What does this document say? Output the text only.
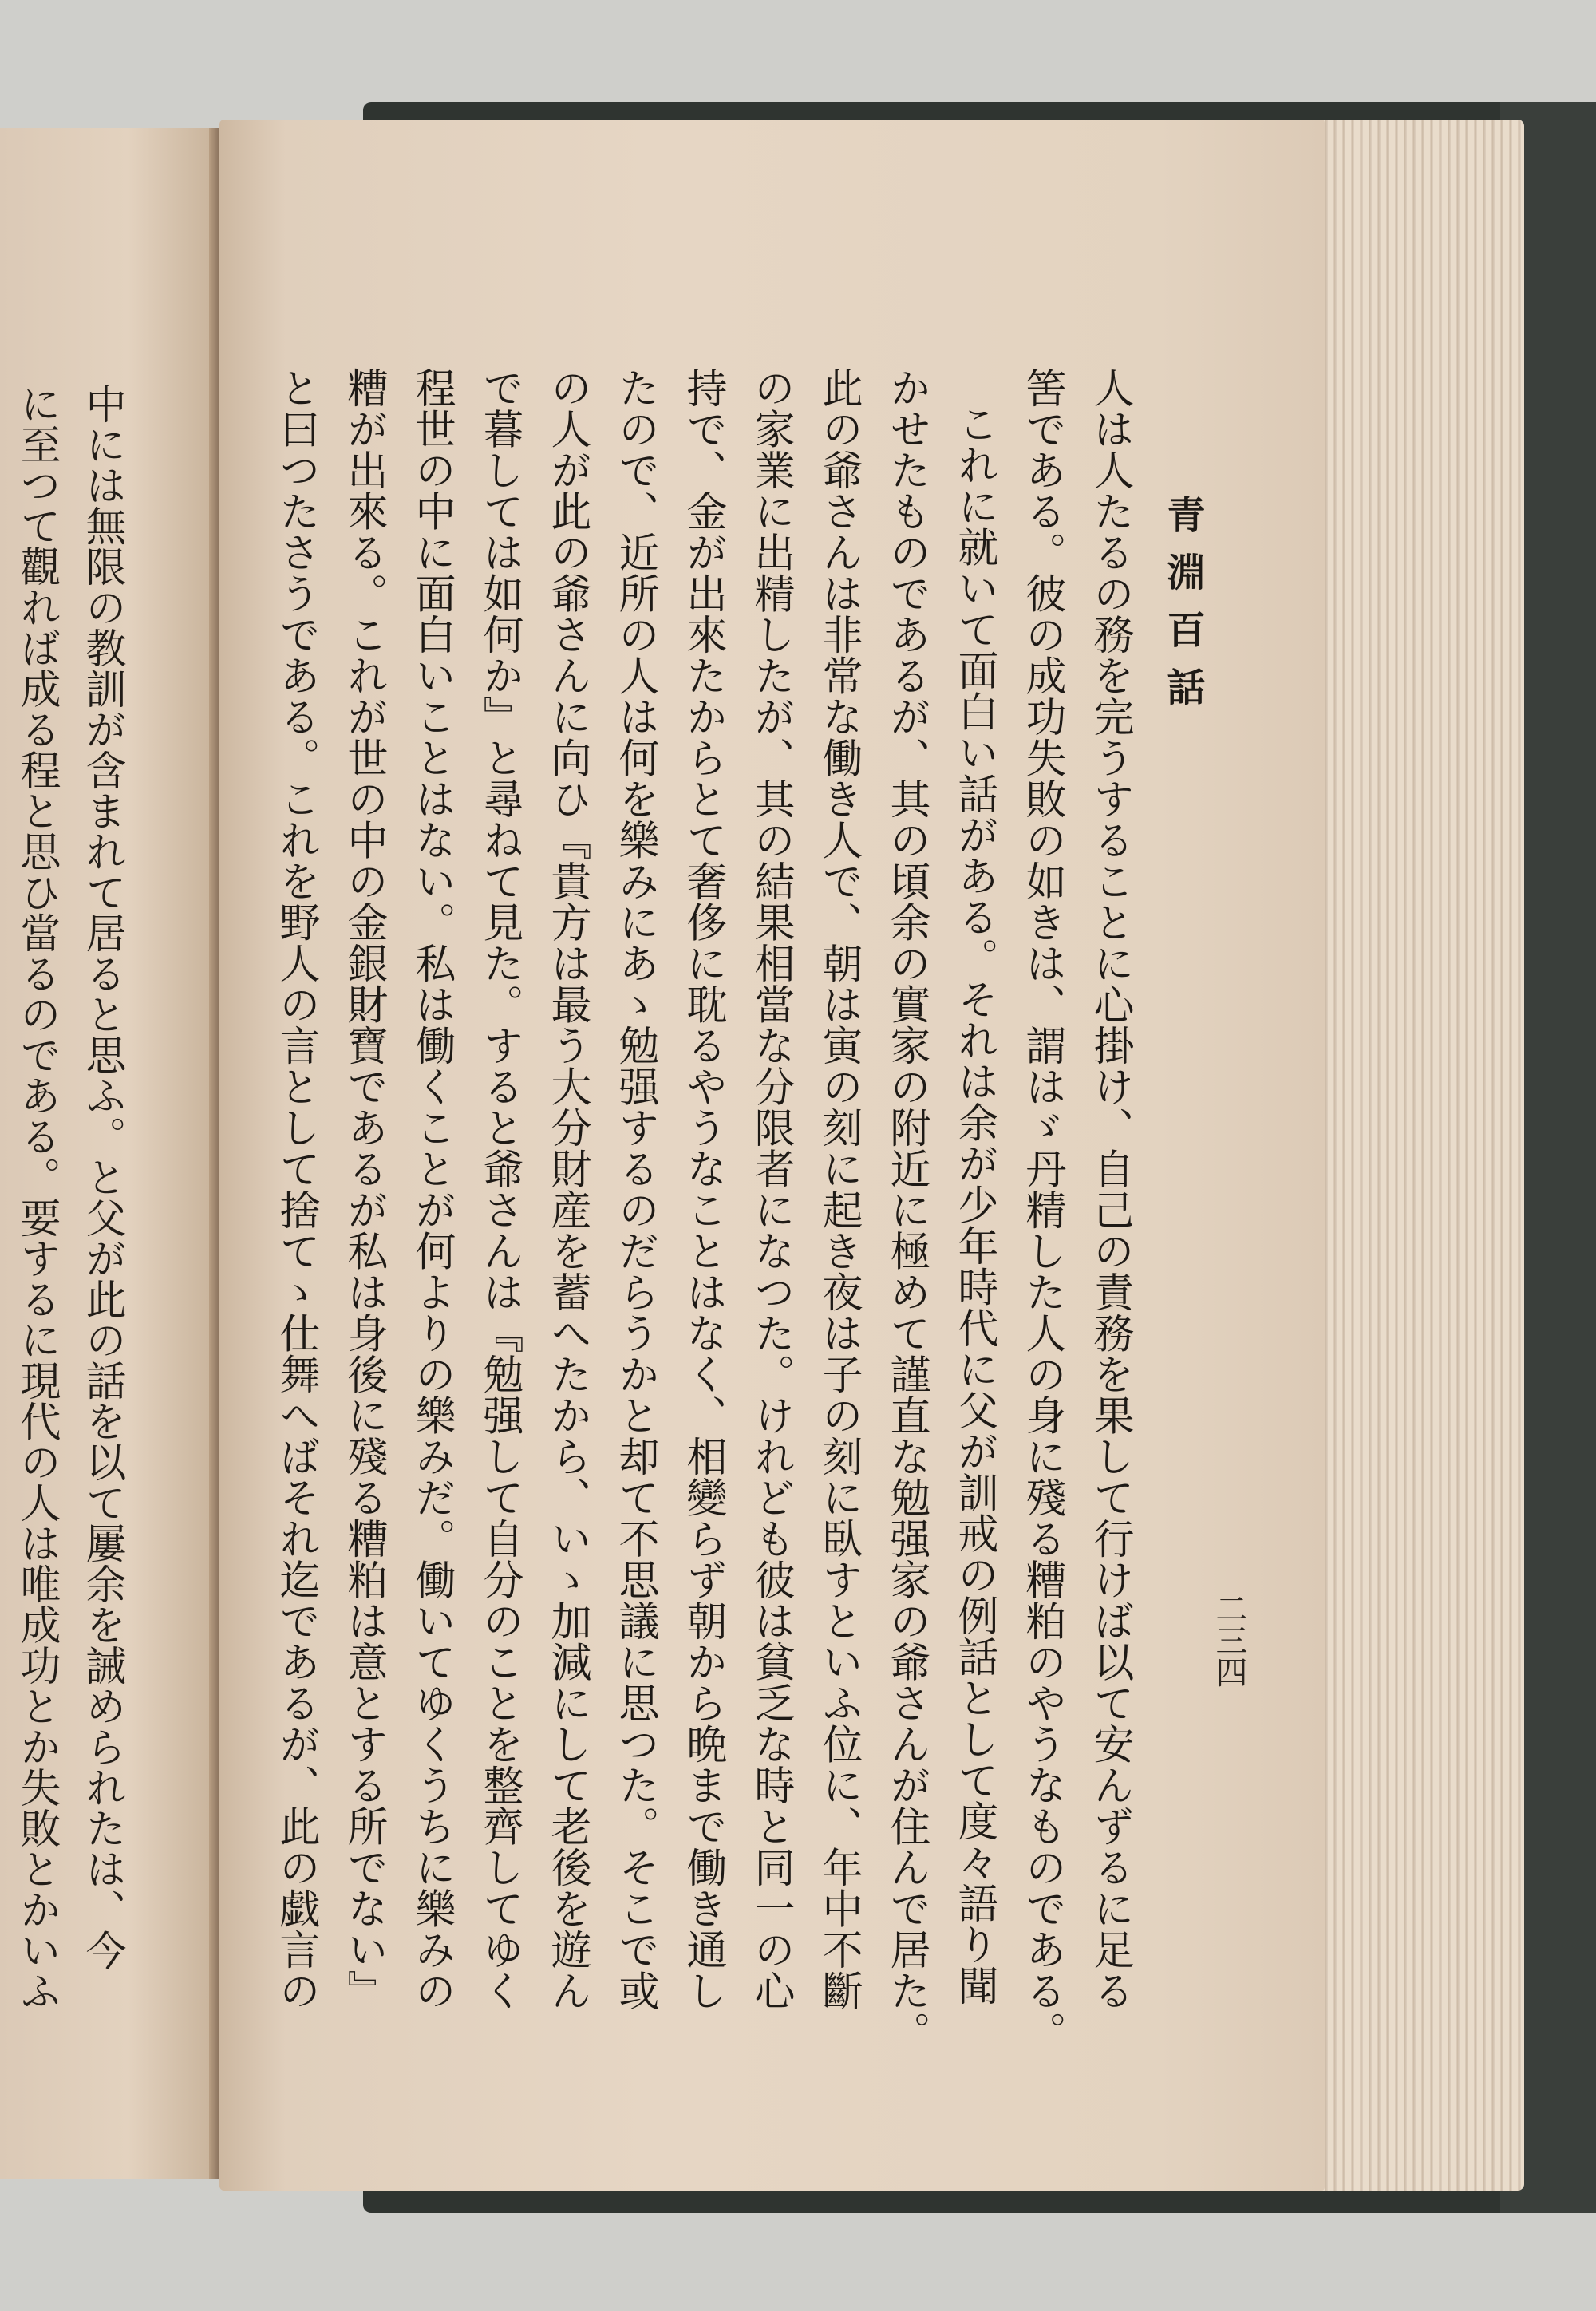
青淵百話
二三四
人は人たるの務を完うすることに心掛け、自己の責務を果して行けば以て安んずるに足る
筈である。彼の成功失敗の如きは、謂はゞ丹精した人の身に殘る糟粕のやうなものである。
これに就いて面白い話がある。それは余が少年時代に父が訓戒の例話として度々語り聞
かせたものであるが、其の頃余の實家の附近に極めて謹直な勉强家の爺さんが住んで居た。
此の爺さんは非常な働き人で、朝は寅の刻に起き夜は子の刻に臥すといふ位に、年中不斷
の家業に出精したが、其の結果相當な分限者になつた。けれども彼は貧乏な時と同一の心
持で、金が出來たからとて奢侈に耽るやうなことはなく、相變らず朝から晩まで働き通し
たので、近所の人は何を樂みにあゝ勉强するのだらうかと却て不思議に思つた。そこで或
の人が此の爺さんに向ひ『貴方は最う大分財産を蓄へたから、いゝ加減にして老後を遊ん
で暮しては如何か』と尋ねて見た。すると爺さんは『勉强して自分のことを整齊してゆく
程世の中に面白いことはない。私は働くことが何よりの樂みだ。働いてゆくうちに樂みの
糟が出來る。これが世の中の金銀財寶であるが私は身後に殘る糟粕は意とする所でない』
と曰つたさうである。これを野人の言として捨てゝ仕舞へばそれ迄であるが、此の戯言の
中には無限の教訓が含まれて居ると思ふ。と父が此の話を以て屢余を誡められたは、今
に至つて觀れば成る程と思ひ當るのである。要するに現代の人は唯成功とか失敗とかいふ
